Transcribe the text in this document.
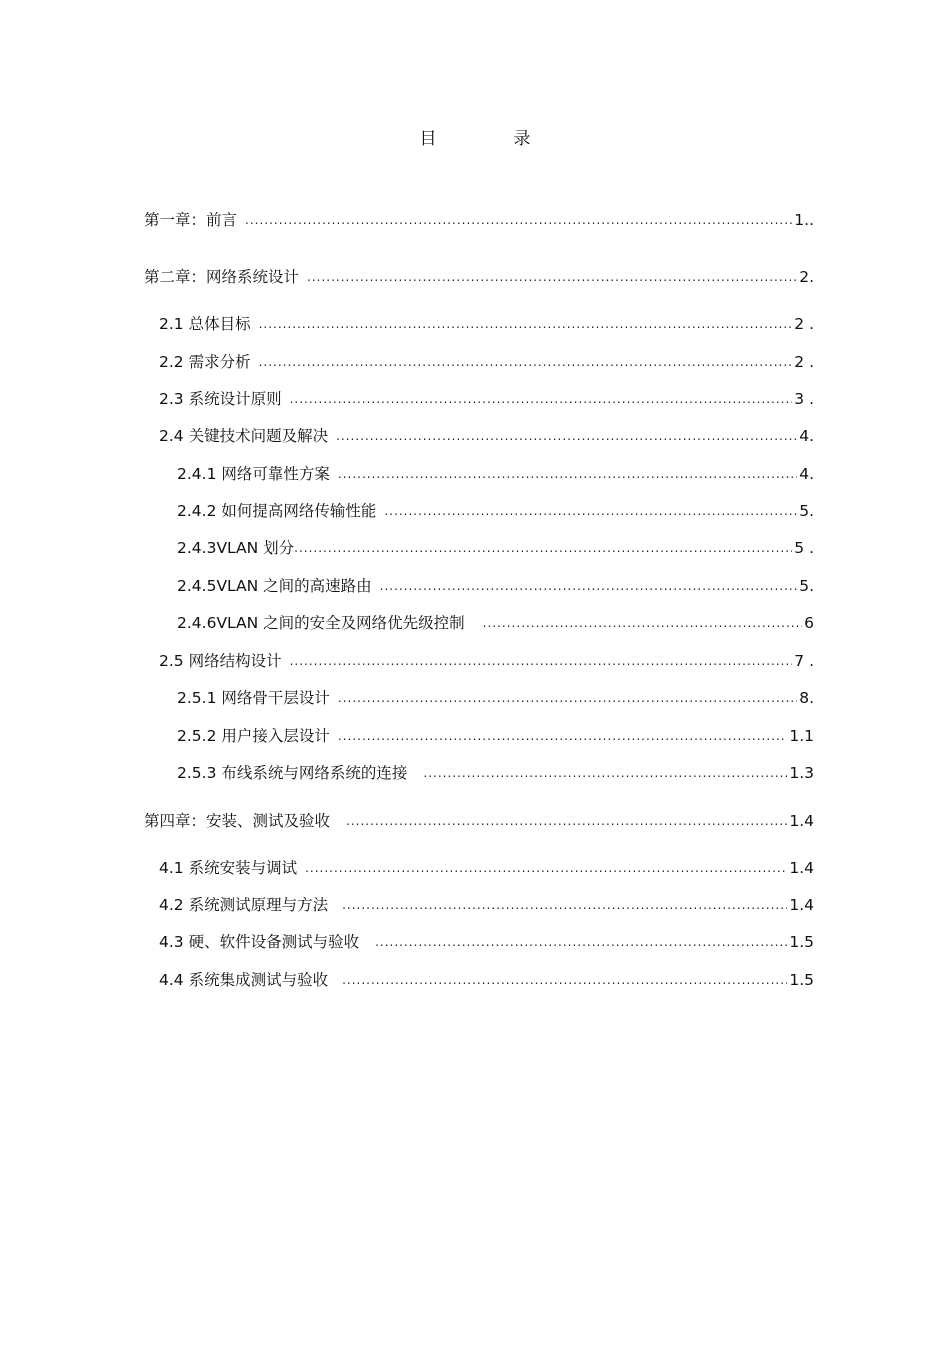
目　录
第一章：前言 .....	1..
第二章：网络系统设计 .....	2.
2.1 总体目标 .....	2 .
2.2 需求分析 .....	2 .
2.3 系统设计原则 .....	3 .
2.4 关键技术问题及解决 .....	4.
2.4.1 网络可靠性方案 .....	4.
2.4.2 如何提高网络传输性能 .....	5.
2.4.3VLAN 划分 .....	5 .
2.4.5VLAN 之间的高速路由 .....	5.
2.4.6VLAN 之间的安全及网络优先级控制 .....	6
2.5 网络结构设计 .....	7 .
2.5.1 网络骨干层设计 .....	8.
2.5.2 用户接入层设计 .....	1.1
2.5.3 布线系统与网络系统的连接 .....	1.3
第四章：安装、测试及验收 .....	1.4
4.1 系统安装与调试 .....	1.4
4.2 系统测试原理与方法 .....	1.4
4.3 硬、软件设备测试与验收 .....	1.5
4.4 系统集成测试与验收 .....	1.5
